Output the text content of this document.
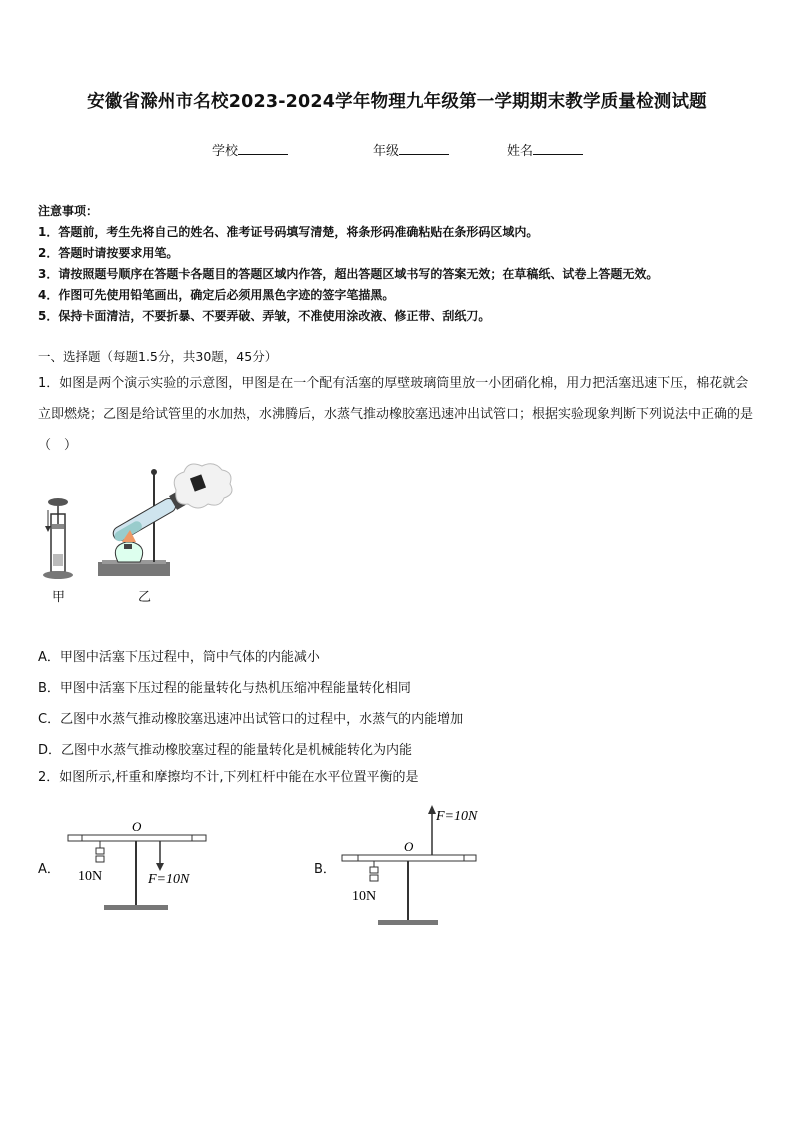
安徽省滁州市名校2023-2024学年物理九年级第一学期期末教学质量检测试题
学校	年级	姓名
注意事项：
1．答题前，考生先将自己的姓名、准考证号码填写清楚，将条形码准确粘贴在条形码区域内。
2．答题时请按要求用笔。
3．请按照题号顺序在答题卡各题目的答题区域内作答，超出答题区域书写的答案无效；在草稿纸、试卷上答题无效。
4．作图可先使用铅笔画出，确定后必须用黑色字迹的签字笔描黑。
5．保持卡面清洁，不要折暴、不要弄破、弄皱，不准使用涂改液、修正带、刮纸刀。
一、选择题（每题1.5分，共30题，45分）
1．如图是两个演示实验的示意图，甲图是在一个配有活塞的厚壁玻璃筒里放一小团硝化棉，用力把活塞迅速下压，棉花就会立即燃烧；乙图是给试管里的水加热，水沸腾后，水蒸气推动橡胶塞迅速冲出试管口；根据实验现象判断下列说法中正确的是（　）
甲	乙
A．甲图中活塞下压过程中，筒中气体的内能减小
B．甲图中活塞下压过程的能量转化与热机压缩冲程能量转化相同
C．乙图中水蒸气推动橡胶塞迅速冲出试管口的过程中，水蒸气的内能增加
D．乙图中水蒸气推动橡胶塞过程的能量转化是机械能转化为内能
2．如图所示,杆重和摩擦均不计,下列杠杆中能在水平位置平衡的是
A．	B．
O
10N	F=10N
O
10N
F=10N
